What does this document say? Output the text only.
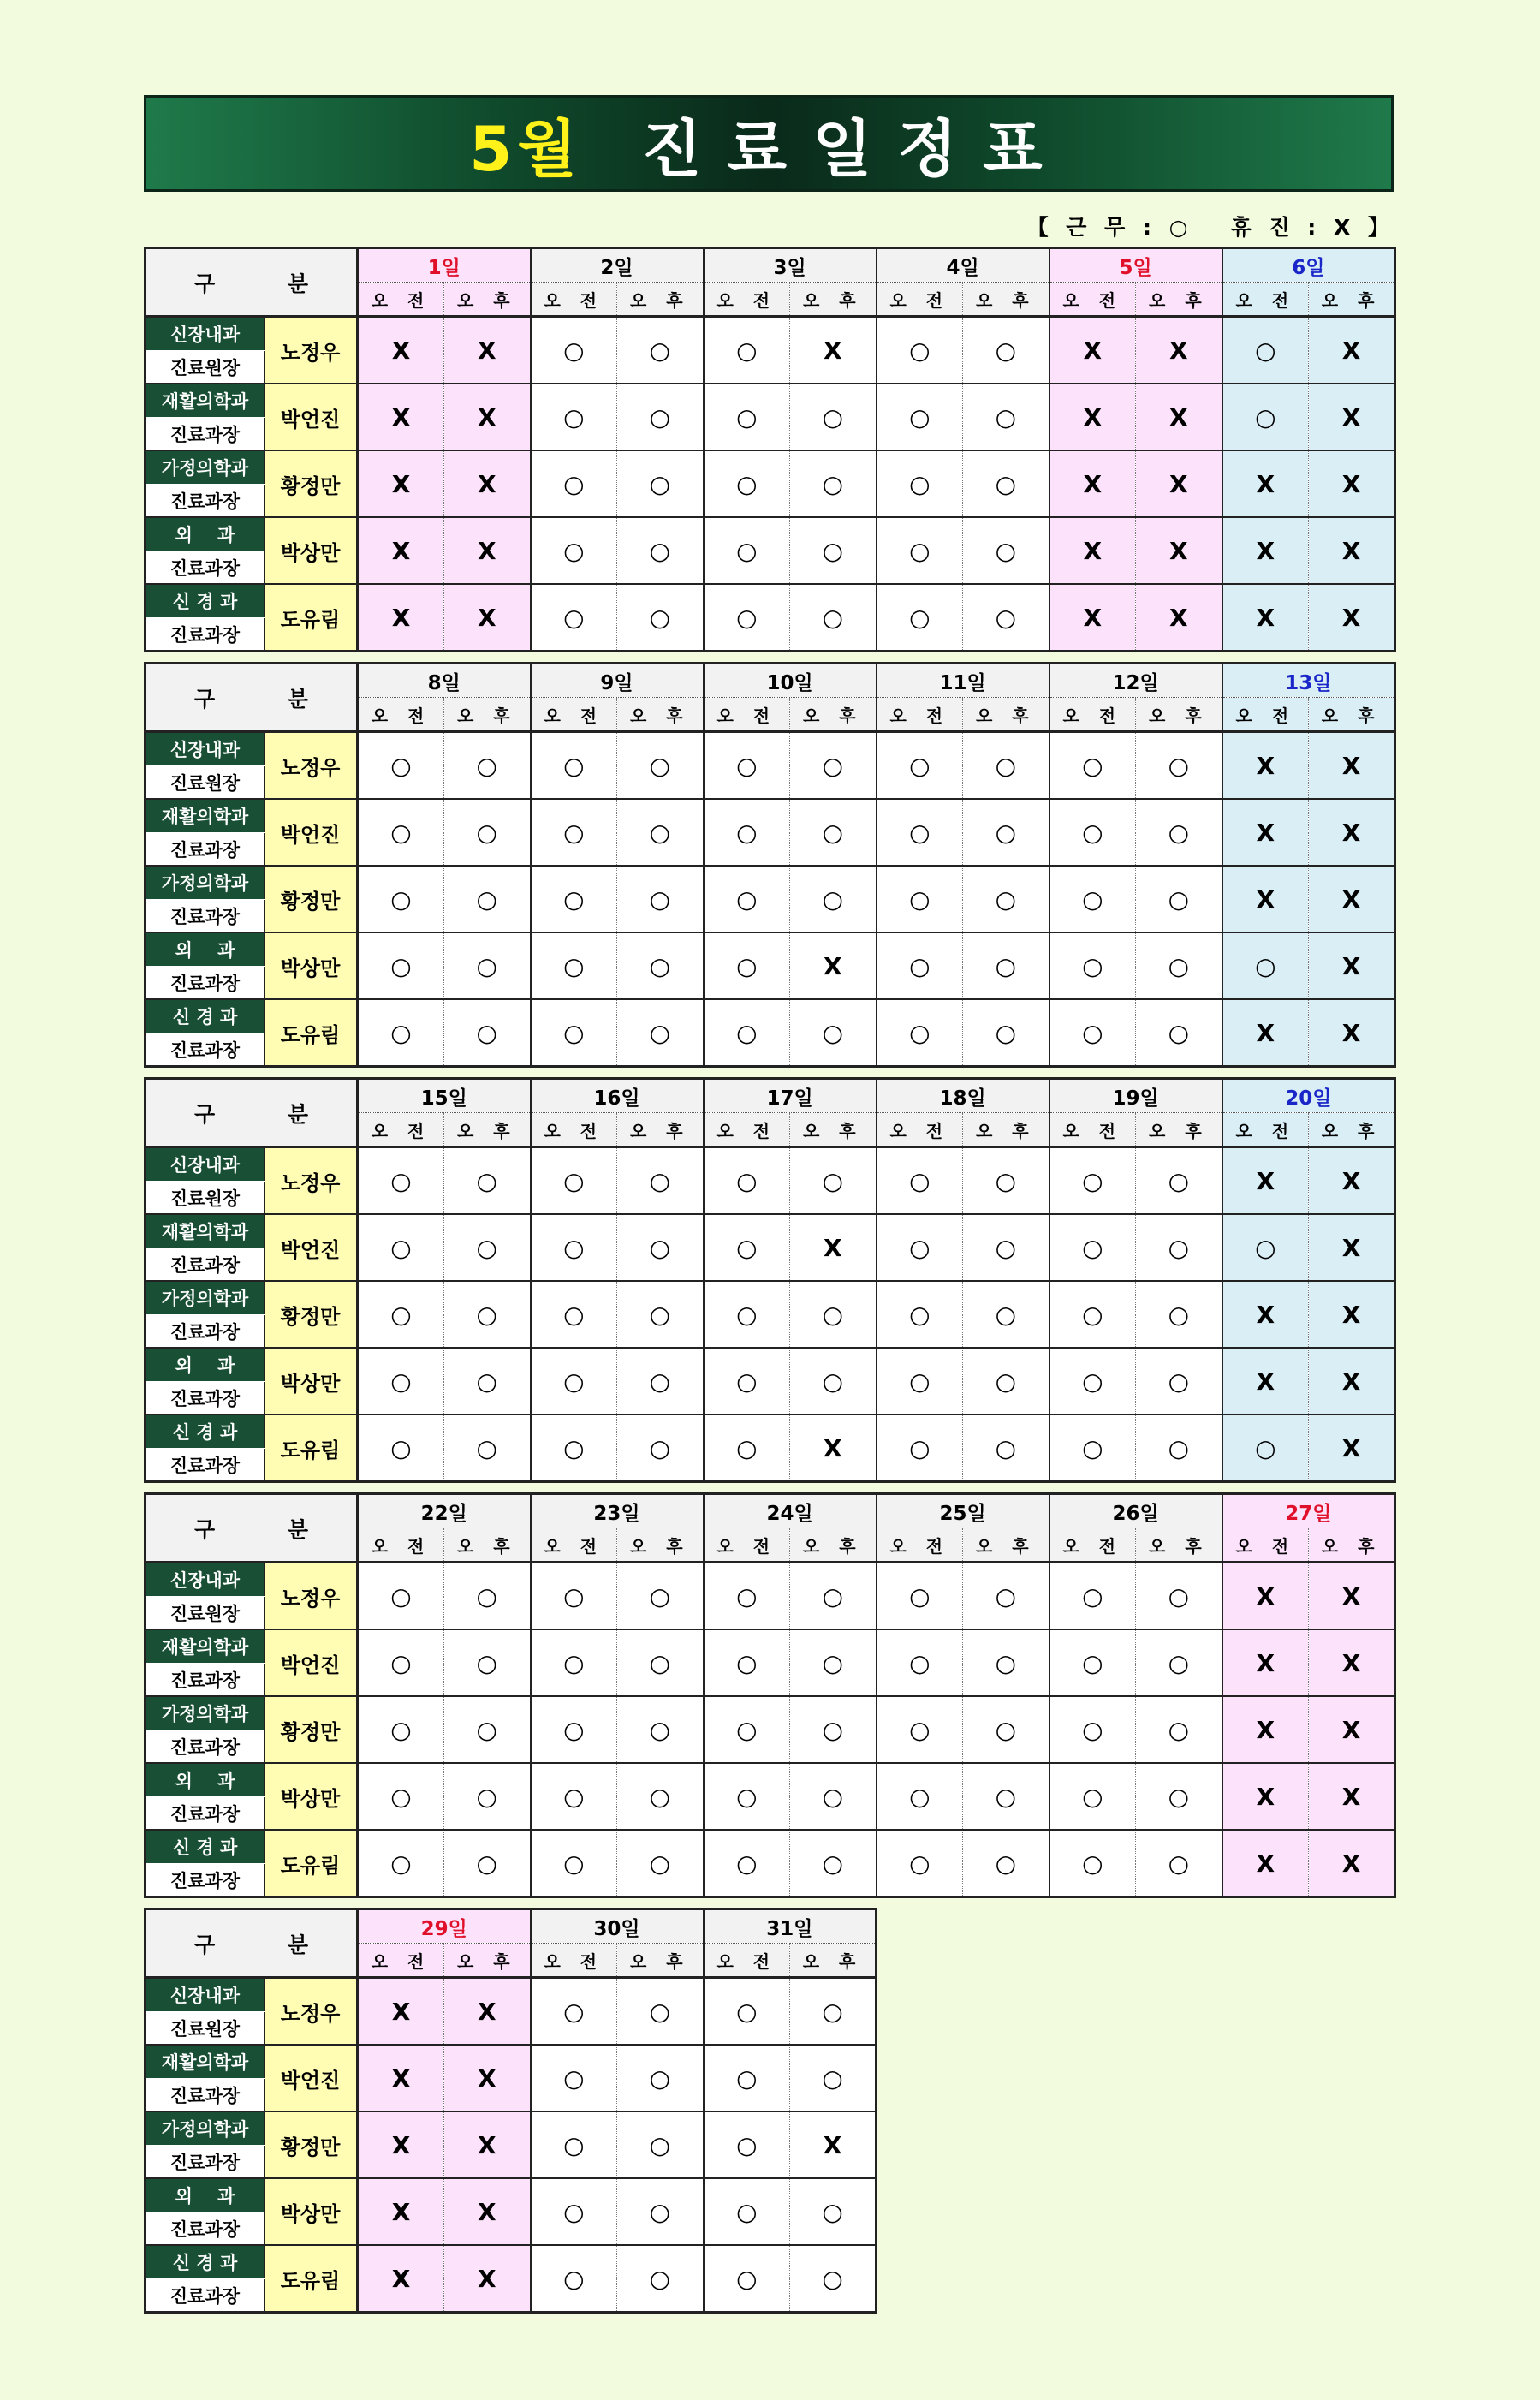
5월 진료일정표
【 근 무 : ○   휴 진 : X 】
구 분		1일		2일		3일		4일		5일		6일	
		오 전	오 후	오 전	오 후	오 전	오 후	오 전	오 후	오 전	오 후	오 전	오 후
신장내과	노정우	X	X	○	○	○	X	○	○	X	X	○	X
진료원장													
재활의학과	박언진	X	X	○	○	○	○	○	○	X	X	○	X
진료과장													
가정의학과	황정만	X	X	○	○	○	○	○	○	X	X	X	X
진료과장													
외    과	박상만	X	X	○	○	○	○	○	○	X	X	X	X
진료과장													
신 경 과	도유림	X	X	○	○	○	○	○	○	X	X	X	X
진료과장													
구 분		8일		9일		10일		11일		12일		13일	
		오 전	오 후	오 전	오 후	오 전	오 후	오 전	오 후	오 전	오 후	오 전	오 후
신장내과	노정우	○	○	○	○	○	○	○	○	○	○	X	X
진료원장													
재활의학과	박언진	○	○	○	○	○	○	○	○	○	○	X	X
진료과장													
가정의학과	황정만	○	○	○	○	○	○	○	○	○	○	X	X
진료과장													
외    과	박상만	○	○	○	○	○	X	○	○	○	○	○	X
진료과장													
신 경 과	도유림	○	○	○	○	○	○	○	○	○	○	X	X
진료과장													
구 분		15일		16일		17일		18일		19일		20일	
		오 전	오 후	오 전	오 후	오 전	오 후	오 전	오 후	오 전	오 후	오 전	오 후
신장내과	노정우	○	○	○	○	○	○	○	○	○	○	X	X
진료원장													
재활의학과	박언진	○	○	○	○	○	X	○	○	○	○	○	X
진료과장													
가정의학과	황정만	○	○	○	○	○	○	○	○	○	○	X	X
진료과장													
외    과	박상만	○	○	○	○	○	○	○	○	○	○	X	X
진료과장													
신 경 과	도유림	○	○	○	○	○	X	○	○	○	○	○	X
진료과장													
구 분		22일		23일		24일		25일		26일		27일	
		오 전	오 후	오 전	오 후	오 전	오 후	오 전	오 후	오 전	오 후	오 전	오 후
신장내과	노정우	○	○	○	○	○	○	○	○	○	○	X	X
진료원장													
재활의학과	박언진	○	○	○	○	○	○	○	○	○	○	X	X
진료과장													
가정의학과	황정만	○	○	○	○	○	○	○	○	○	○	X	X
진료과장													
외    과	박상만	○	○	○	○	○	○	○	○	○	○	X	X
진료과장													
신 경 과	도유림	○	○	○	○	○	○	○	○	○	○	X	X
진료과장													
구 분		29일		30일		31일	
		오 전	오 후	오 전	오 후	오 전	오 후
신장내과	노정우	X	X	○	○	○	○
진료원장							
재활의학과	박언진	X	X	○	○	○	○
진료과장							
가정의학과	황정만	X	X	○	○	○	X
진료과장							
외    과	박상만	X	X	○	○	○	○
진료과장							
신 경 과	도유림	X	X	○	○	○	○
진료과장							
